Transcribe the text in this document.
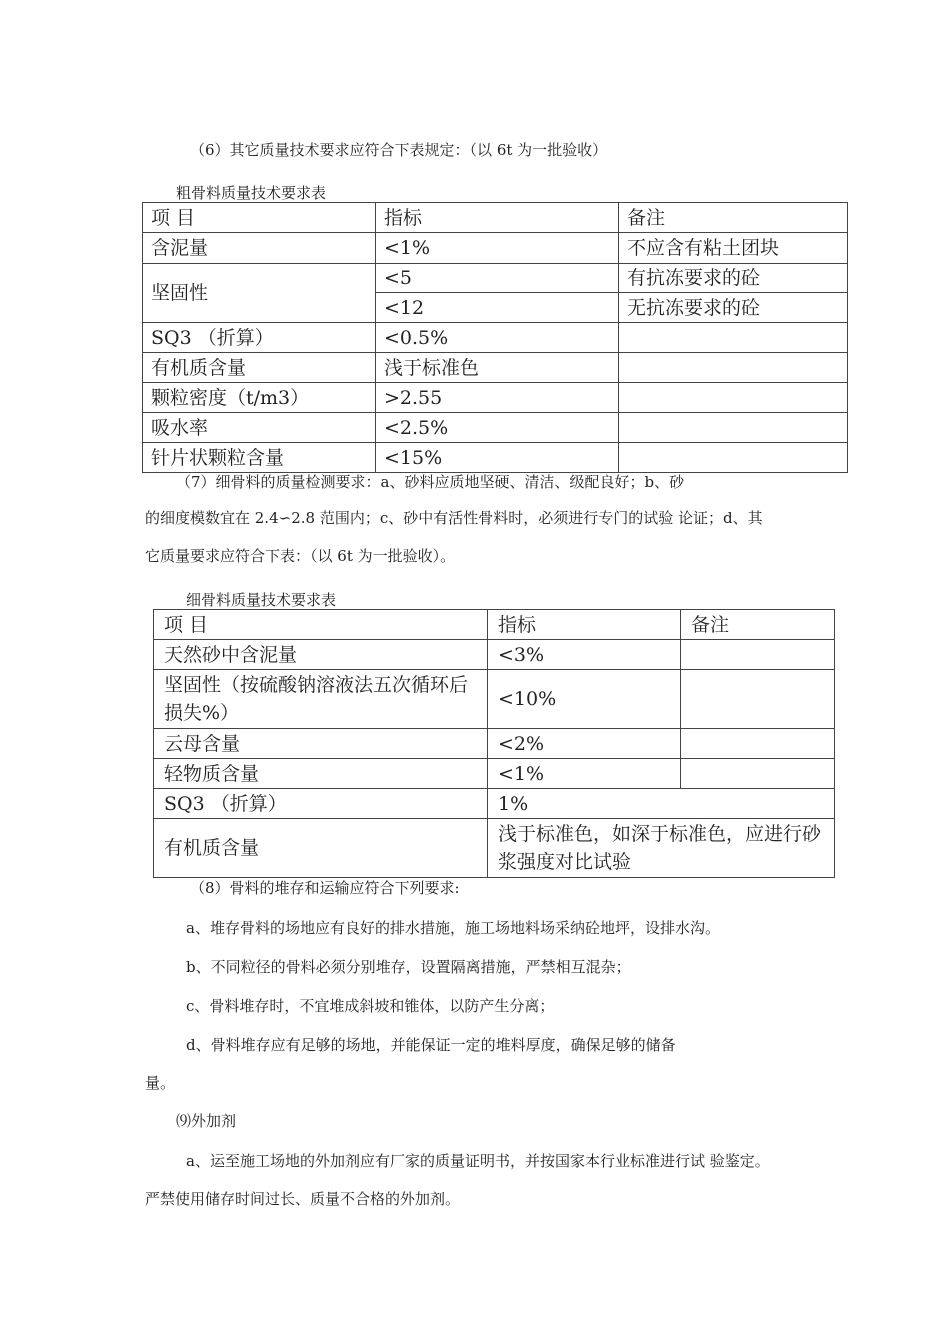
（6）其它质量技术要求应符合下表规定：（以 6t 为一批验收）
粗骨料质量技术要求表
项 目	指标	备注
含泥量	<1%	不应含有粘土团块
坚固性	<5	有抗冻要求的砼
	<12	无抗冻要求的砼
SQ3 （折算）	<0.5%	
有机质含量	浅于标准色	
颗粒密度（t/m3）	>2.55	
吸水率	<2.5%	
针片状颗粒含量	<15%	
（7）细骨料的质量检测要求：a、砂料应质地坚硬、清洁、级配良好；b、砂
的细度模数宜在 2.4∽2.8 范围内；c、砂中有活性骨料时，必须进行专门的试验 论证；d、其
它质量要求应符合下表：（以 6t 为一批验收）。
细骨料质量技术要求表
项 目	指标	备注
天然砂中含泥量	<3%	
坚固性（按硫酸钠溶液法五次循环后损失%）	<10%	
云母含量	<2%	
轻物质含量	<1%	
SQ3 （折算）	1%	
有机质含量	浅于标准色，如深于标准色，应进行砂浆强度对比试验	
（8）骨料的堆存和运输应符合下列要求:
a、堆存骨料的场地应有良好的排水措施，施工场地料场采纳砼地坪，设排水沟。
b、不同粒径的骨料必须分别堆存，设置隔离措施，严禁相互混杂；
c、骨料堆存时，不宜堆成斜坡和锥体，以防产生分离；
d、骨料堆存应有足够的场地，并能保证一定的堆料厚度，确保足够的储备
量。
⑼外加剂
a、运至施工场地的外加剂应有厂家的质量证明书，并按国家本行业标准进行试 验鉴定。
严禁使用储存时间过长、质量不合格的外加剂。
